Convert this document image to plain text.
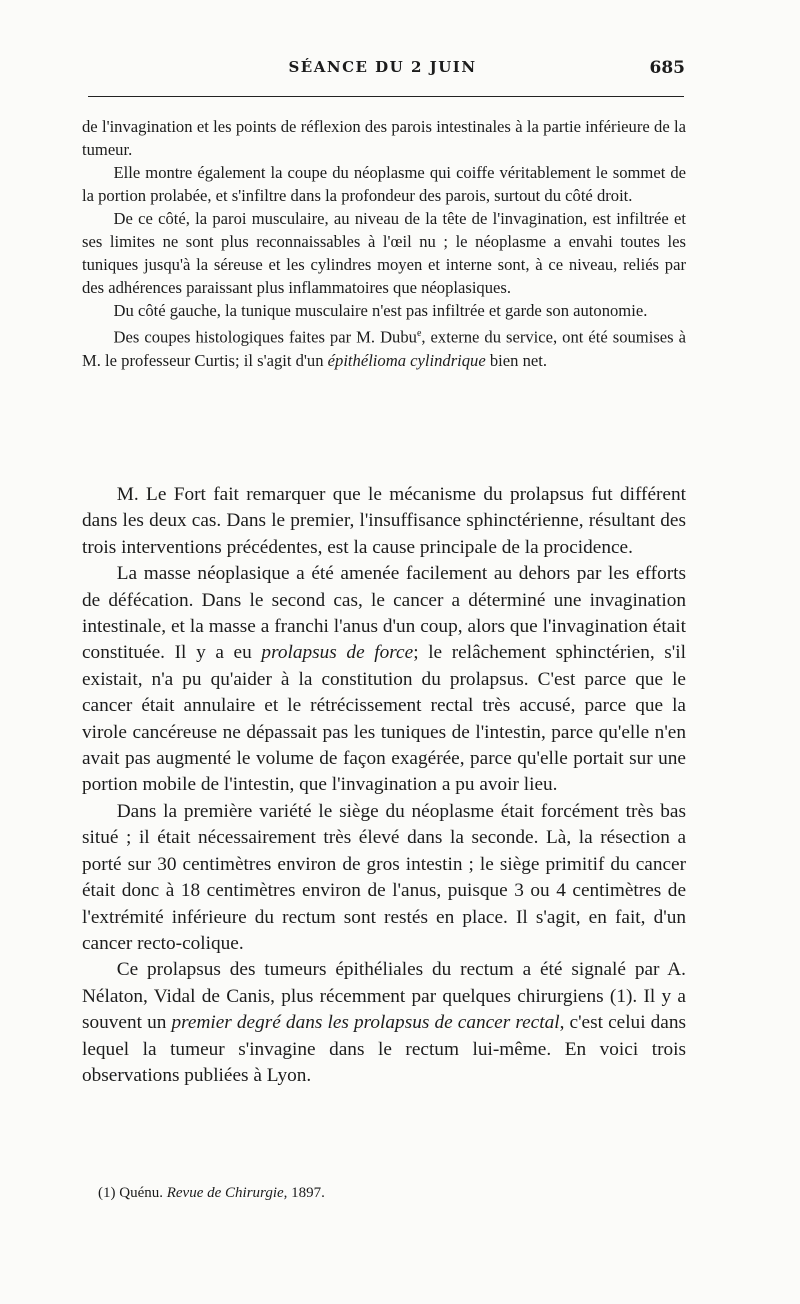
SÉANCE DU 2 JUIN	685

de l'invagination et les points de réflexion des parois intestinales à la partie inférieure de la tumeur.

Elle montre également la coupe du néoplasme qui coiffe véritablement le sommet de la portion prolabée, et s'infiltre dans la profondeur des parois, surtout du côté droit.

De ce côté, la paroi musculaire, au niveau de la tête de l'invagination, est infiltrée et ses limites ne sont plus reconnaissables à l'œil nu ; le néoplasme a envahi toutes les tuniques jusqu'à la séreuse et les cylindres moyen et interne sont, à ce niveau, reliés par des adhérences paraissant plus inflammatoires que néoplasiques.

Du côté gauche, la tunique musculaire n'est pas infiltrée et garde son autonomie.

Des coupes histologiques faites par M. Dubu$^e$, externe du service, ont été soumises à M. le professeur Curtis; il s'agit d'un épithélioma cylindrique bien net.

M. Le Fort fait remarquer que le mécanisme du prolapsus fut différent dans les deux cas. Dans le premier, l'insuffisance sphinctérienne, résultant des trois interventions précédentes, est la cause principale de la procidence.

La masse néoplasique a été amenée facilement au dehors par les efforts de défécation. Dans le second cas, le cancer a déterminé une invagination intestinale, et la masse a franchi l'anus d'un coup, alors que l'invagination était constituée. Il y a eu prolapsus de force; le relâchement sphinctérien, s'il existait, n'a pu qu'aider à la constitution du prolapsus. C'est parce que le cancer était annulaire et le rétrécissement rectal très accusé, parce que la virole cancéreuse ne dépassait pas les tuniques de l'intestin, parce qu'elle n'en avait pas augmenté le volume de façon exagérée, parce qu'elle portait sur une portion mobile de l'intestin, que l'invagination a pu avoir lieu.

Dans la première variété le siège du néoplasme était forcément très bas situé ; il était nécessairement très élevé dans la seconde. Là, la résection a porté sur 30 centimètres environ de gros intestin ; le siège primitif du cancer était donc à 18 centimètres environ de l'anus, puisque 3 ou 4 centimètres de l'extrémité inférieure du rectum sont restés en place. Il s'agit, en fait, d'un cancer recto-colique.

Ce prolapsus des tumeurs épithéliales du rectum a été signalé par A. Nélaton, Vidal de Canis, plus récemment par quelques chirurgiens (1). Il y a souvent un premier degré dans les prolapsus de cancer rectal, c'est celui dans lequel la tumeur s'invagine dans le rectum lui-même. En voici trois observations publiées à Lyon.

(1) Quénu. Revue de Chirurgie, 1897.
